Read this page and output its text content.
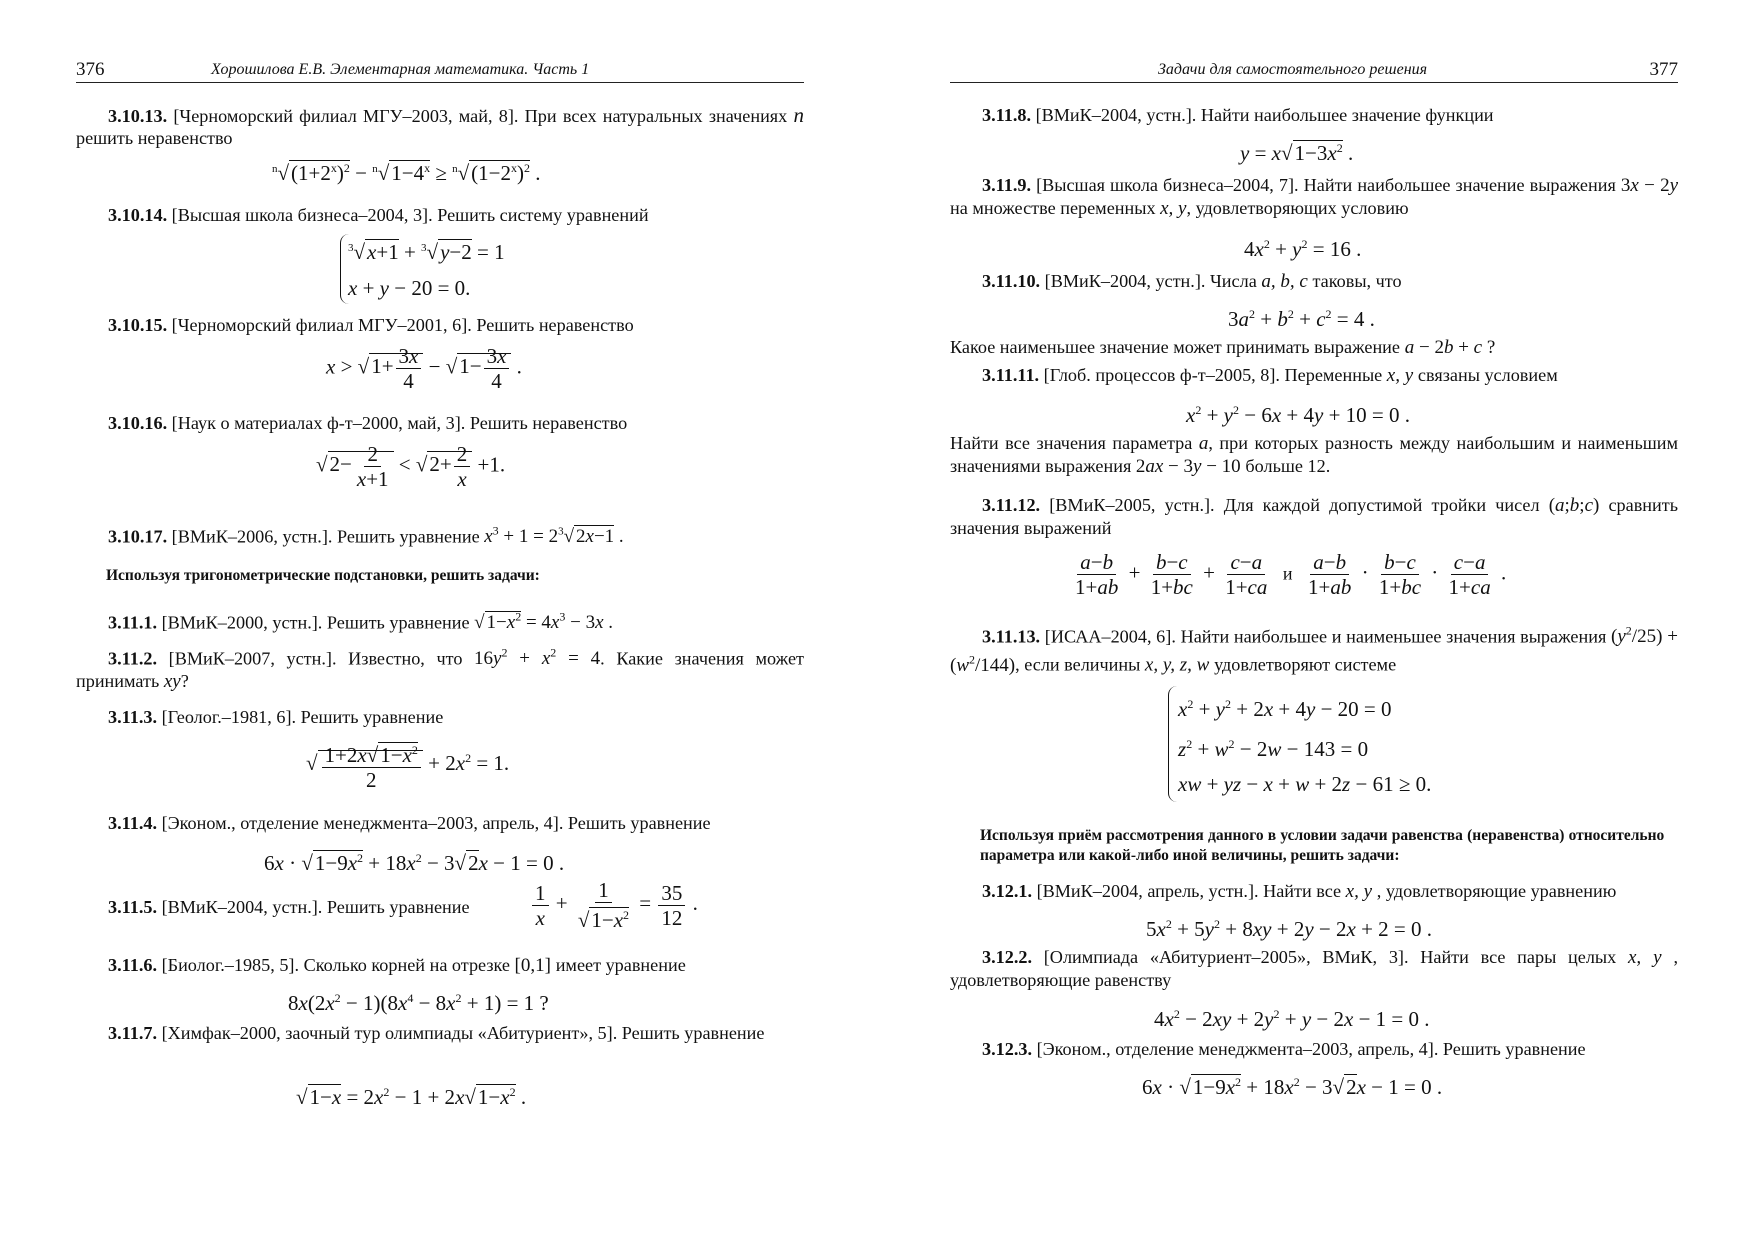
376	Хорошилова Е.В. Элементарная математика. Часть 1

3.10.13. [Черноморский филиал МГУ–2003, май, 8]. При всех натуральных значениях n решить неравенство

$^n√(1+2^x)^2 - ^n√1-4^x \ge ^n√(1-2^x)^2$ .

3.10.14. [Высшая школа бизнеса–2004, 3]. Решить систему уравнений

$^3$√x+1 + $^3$√y−2 = 1
x + y − 20 = 0.

3.10.15. [Черноморский филиал МГУ–2001, 6]. Решить неравенство

$x > √1+ \frac{3x}{4} - √1- \frac{3x}{4}$ .

3.10.16. [Наук о материалах ф-т–2000, май, 3]. Решить неравенство

$√2- \frac{2}{x+1} < √2+ \frac{2}{x} +1$.

3.10.17. [ВМиК–2006, устн.]. Решить уравнение $x^3 + 1 = 2^3√$ 2x−1 .

Используя тригонометрические подстановки, решить задачи:

3.11.1. [ВМиК–2000, устн.]. Решить уравнение √ $1-x^2 = 4x^3 - 3x$ .

3.11.2. [ВМиК–2007, устн.]. Известно, что $16y^2 + x^2 = 4$. Какие значения может принимать xy?

3.11.3. [Геолог.–1981, 6]. Решить уравнение

√ $\frac{1+2x√1-x^2}{2} + 2x^2 = 1$.

3.11.4. [Эконом., отделение менеджмента–2003, апрель, 4]. Решить уравнение

$6x \cdot √1-9x^2 + 18x^2 - 3√2x - 1 = 0$ .

3.11.5. [ВМиК–2004, устн.]. Решить уравнение	$\frac{1}{x} + \frac{1}{√1-x^2} = \frac{35}{12}$ .

3.11.6. [Биолог.–1985, 5]. Сколько корней на отрезке [0,1] имеет уравнение

$8x(2x^2 - 1)(8x^4 - 8x^2 + 1) = 1$ ?

3.11.7. [Химфак–2000, заочный тур олимпиады «Абитуриент», 5]. Решить уравнение

$√1-x = 2x^2 - 1 + 2x√1-x^2$ .
Задачи для самостоятельного решения	377

3.11.8. [ВМиК–2004, устн.]. Найти наибольшее значение функции

$y = x√1-3x^2$ .

3.11.9. [Высшая школа бизнеса–2004, 7]. Найти наибольшее значение выражения 3x − 2y на множестве переменных x, y, удовлетворяющих условию

$4x^2 + y^2 = 16$ .

3.11.10. [ВМиК–2004, устн.]. Числа a, b, c таковы, что

$3a^2 + b^2 + c^2 = 4$ .

Какое наименьшее значение может принимать выражение a − 2b + c ?

3.11.11. [Глоб. процессов ф-т–2005, 8]. Переменные x, y связаны условием

$x^2 + y^2 - 6x + 4y + 10 = 0$ .

Найти все значения параметра a, при которых разность между наибольшим и наименьшим значениями выражения 2ax − 3y − 10 больше 12.

3.11.12. [ВМиК–2005, устн.]. Для каждой допустимой тройки чисел (a;b;c) сравнить значения выражений

$\frac{a-b}{1+ab} + \frac{b-c}{1+bc} + \frac{c-a}{1+ca}$ и $\frac{a-b}{1+ab} \cdot \frac{b-c}{1+bc} \cdot \frac{c-a}{1+ca}$ .

3.11.13. [ИСАА–2004, 6]. Найти наибольшее и наименьшее значения выражения $(y^2/25) + (w^2/144)$, если величины x, y, z, w удовлетворяют системе

$x^2 + y^2 + 2x + 4y - 20 = 0$
$z^2 + w^2 - 2w - 143 = 0$
xw + yz − x + w + 2z − 61 ≥ 0.
Используя приём рассмотрения данного в условии задачи равенства (неравенства) относительно параметра или какой-либо иной величины, решить задачи:

3.12.1. [ВМиК–2004, апрель, устн.]. Найти все x, y , удовлетворяющие уравнению

$5x^2 + 5y^2 + 8xy + 2y - 2x + 2 = 0$ .

3.12.2. [Олимпиада «Абитуриент–2005», ВМиК, 3]. Найти все пары целых x, y , удовлетворяющие равенству

$4x^2 - 2xy + 2y^2 + y - 2x - 1 = 0$ .

3.12.3. [Эконом., отделение менеджмента–2003, апрель, 4]. Решить уравнение

$6x \cdot √1-9x^2 + 18x^2 - 3√2x - 1 = 0$ .
